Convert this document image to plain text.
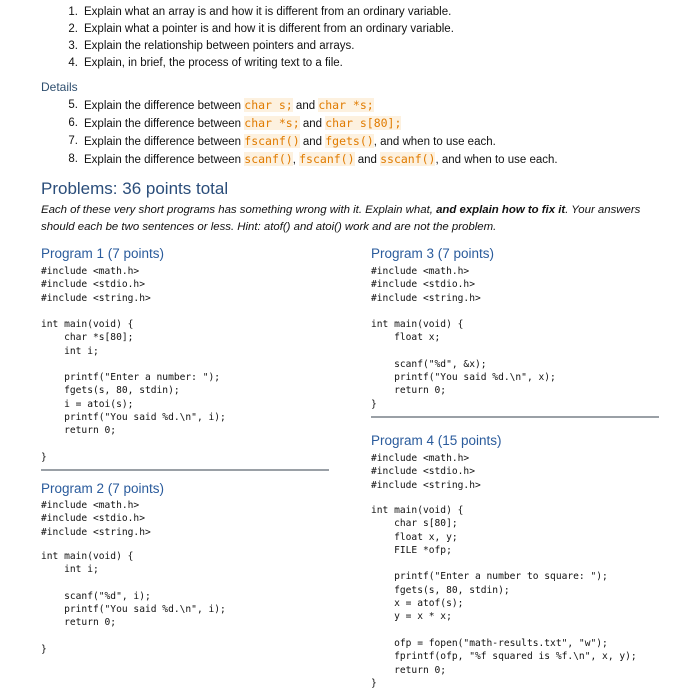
1. Explain what an array is and how it is different from an ordinary variable.
2. Explain what a pointer is and how it is different from an ordinary variable.
3. Explain the relationship between pointers and arrays.
4. Explain, in brief, the process of writing text to a file.
Details
5. Explain the difference between char s; and char *s;
6. Explain the difference between char *s; and char s[80];
7. Explain the difference between fscanf() and fgets(), and when to use each.
8. Explain the difference between scanf(), fscanf() and sscanf(), and when to use each.
Problems: 36 points total
Each of these very short programs has something wrong with it. Explain what, and explain how to fix it. Your answers should each be two sentences or less. Hint: atof() and atoi() work and are not the problem.
Program 1 (7 points)
#include <math.h>
#include <stdio.h>
#include <string.h>
int main(void) {
char *s[80];
int i;

printf("Enter a number: ");
fgets(s, 80, stdin);
i = atoi(s);
printf("You said %d.\n", i);
return 0;

}
Program 2 (7 points)
#include <math.h>
#include <stdio.h>
#include <string.h>
int main(void) {
int i;

scanf("%d", i);
printf("You said %d.\n", i);
return 0;

}
Program 3 (7 points)
#include <math.h>
#include <stdio.h>
#include <string.h>
int main(void) {
float x;

scanf("%d", &x);
printf("You said %d.\n", x);
return 0;
}
Program 4 (15 points)
#include <math.h>
#include <stdio.h>
#include <string.h>
int main(void) {
char s[80];
float x, y;
FILE *ofp;

printf("Enter a number to square: ");
fgets(s, 80, stdin);
x = atof(s);
y = x * x;

ofp = fopen("math-results.txt", "w");
fprintf(ofp, "%f squared is %f.\n", x, y);
return 0;
}
